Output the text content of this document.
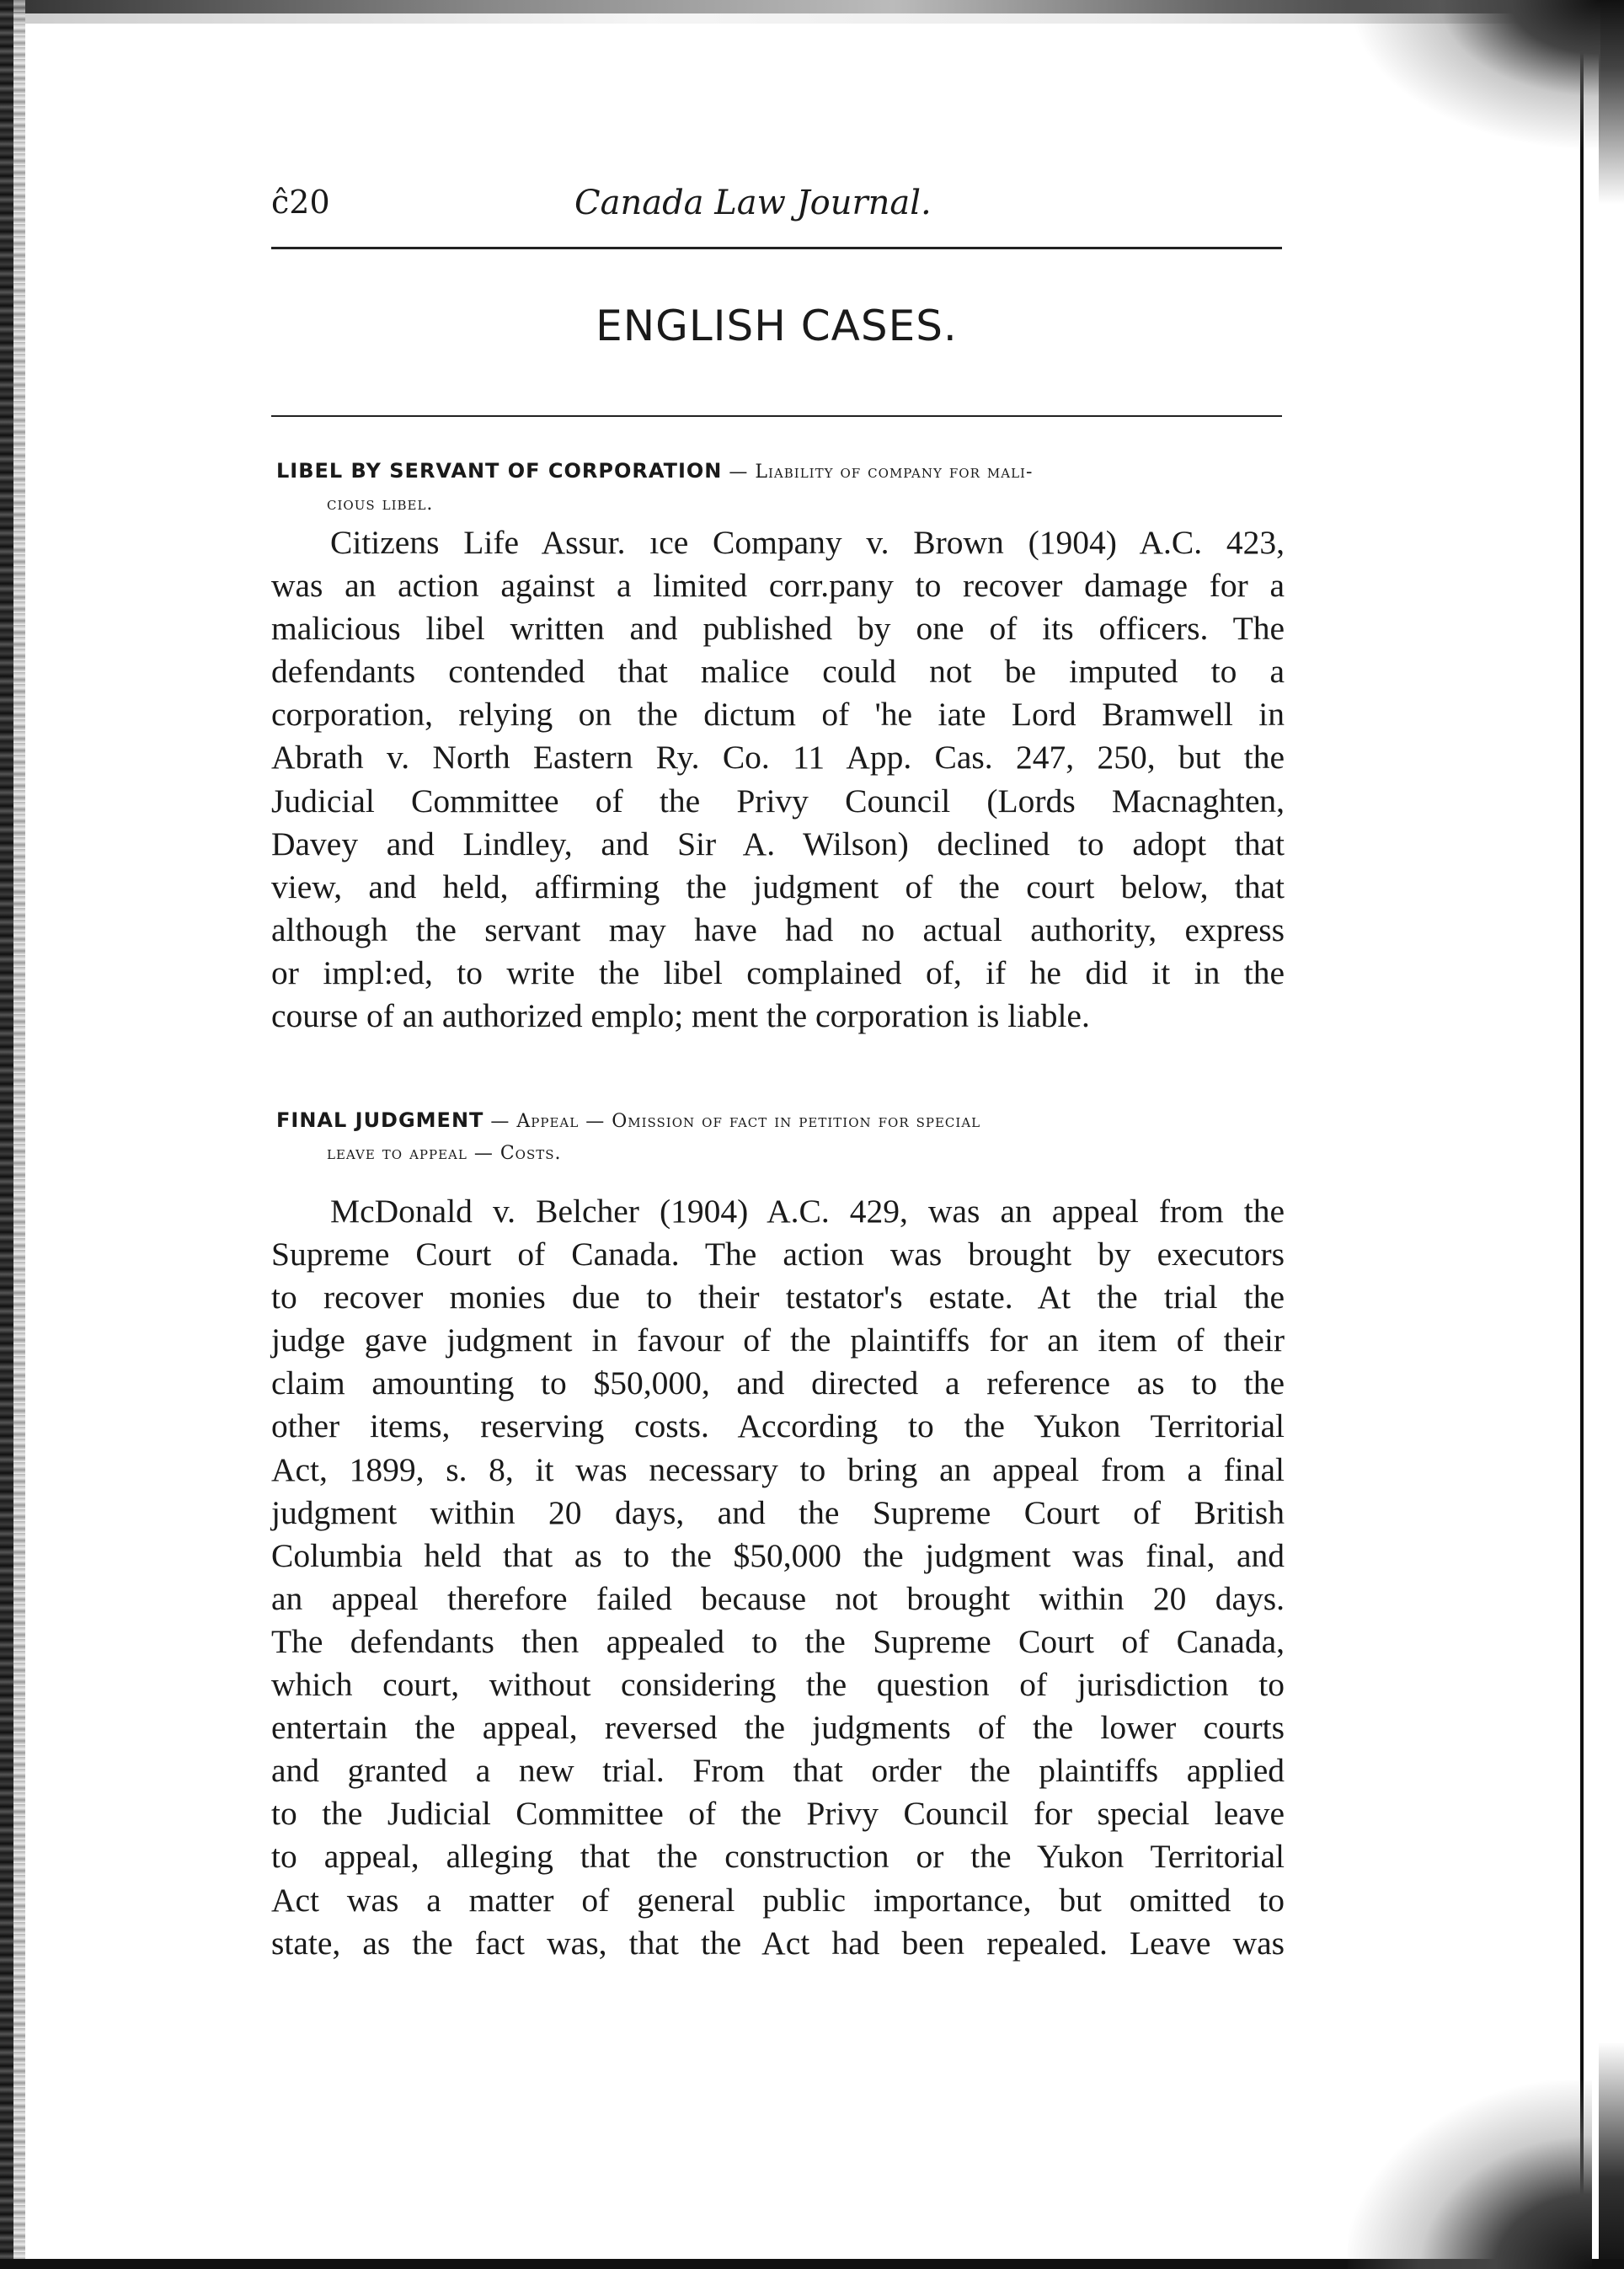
ĉ20	Canada Law Journal.
ENGLISH CASES.
LIBEL BY SERVANT OF CORPORATION — Liability of company for mali-
cious libel.
Citizens Life Assur. ıce Company v. Brown (1904) A.C. 423,
was an action against a limited corr.pany to recover damage for a
malicious libel written and published by one of its officers. The
defendants contended that malice could not be imputed to a
corporation, relying on the dictum of 'he iate Lord Bramwell in
Abrath v. North Eastern Ry. Co. 11 App. Cas. 247, 250, but the
Judicial Committee of the Privy Council (Lords Macnaghten,
Davey and Lindley, and Sir A. Wilson) declined to adopt that
view, and held, affirming the judgment of the court below, that
although the servant may have had no actual authority, express
or impl:ed, to write the libel complained of, if he did it in the
course of an authorized emplo; ment the corporation is liable.
FINAL JUDGMENT — Appeal — Omission of fact in petition for special
leave to appeal — Costs.
McDonald v. Belcher (1904) A.C. 429, was an appeal from the
Supreme Court of Canada. The action was brought by executors
to recover monies due to their testator's estate. At the trial the
judge gave judgment in favour of the plaintiffs for an item of their
claim amounting to $50,000, and directed a reference as to the
other items, reserving costs. According to the Yukon Territorial
Act, 1899, s. 8, it was necessary to bring an appeal from a final
judgment within 20 days, and the Supreme Court of British
Columbia held that as to the $50,000 the judgment was final, and
an appeal therefore failed because not brought within 20 days.
The defendants then appealed to the Supreme Court of Canada,
which court, without considering the question of jurisdiction to
entertain the appeal, reversed the judgments of the lower courts
and granted a new trial. From that order the plaintiffs applied
to the Judicial Committee of the Privy Council for special leave
to appeal, alleging that the construction or the Yukon Territorial
Act was a matter of general public importance, but omitted to
state, as the fact was, that the Act had been repealed. Leave was
